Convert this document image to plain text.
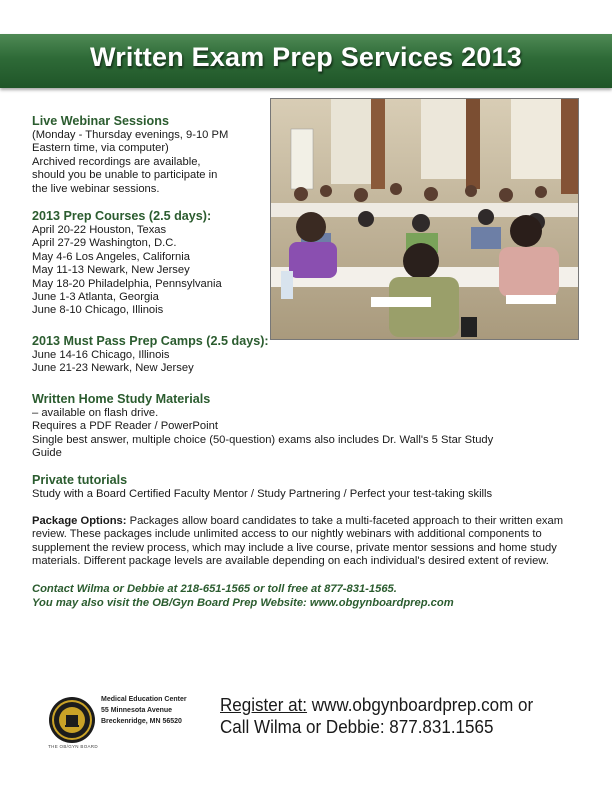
Written Exam Prep Services 2013
Live Webinar Sessions
(Monday - Thursday evenings, 9-10 PM
Eastern time, via computer)
Archived recordings are available,
should you be unable to participate in
the live webinar sessions.
2013 Prep Courses (2.5 days):
April 20-22 Houston, Texas
April 27-29 Washington, D.C.
May 4-6 Los Angeles, California
May 11-13 Newark, New Jersey
May 18-20 Philadelphia, Pennsylvania
June 1-3 Atlanta, Georgia
June 8-10 Chicago, Illinois
2013 Must Pass Prep Camps (2.5 days):
June 14-16 Chicago, Illinois
June 21-23 Newark, New Jersey
Written Home Study Materials
– available on flash drive.
Requires a PDF Reader / PowerPoint
Single best answer, multiple choice (50-question) exams also includes Dr. Wall's 5 Star Study
Guide
Private tutorials
Study with a Board Certified Faculty Mentor / Study Partnering / Perfect your test-taking skills
Package Options: Packages allow board candidates to take a multi-faceted approach to their written exam review. These packages include unlimited access to our nightly webinars with additional components to supplement the review process, which may include a live course, private mentor sessions and home study materials. Different package levels are available depending on each individual's desired extent of review.
Contact Wilma or Debbie at 218-651-1565 or toll free at 877-831-1565.
You may also visit the OB/Gyn Board Prep Website: www.obgynboardprep.com
THE OB/GYN BOARD
Medical Education Center
55 Minnesota Avenue
Breckenridge, MN 56520
Register at: www.obgynboardprep.com or
Call Wilma or Debbie: 877.831.1565
